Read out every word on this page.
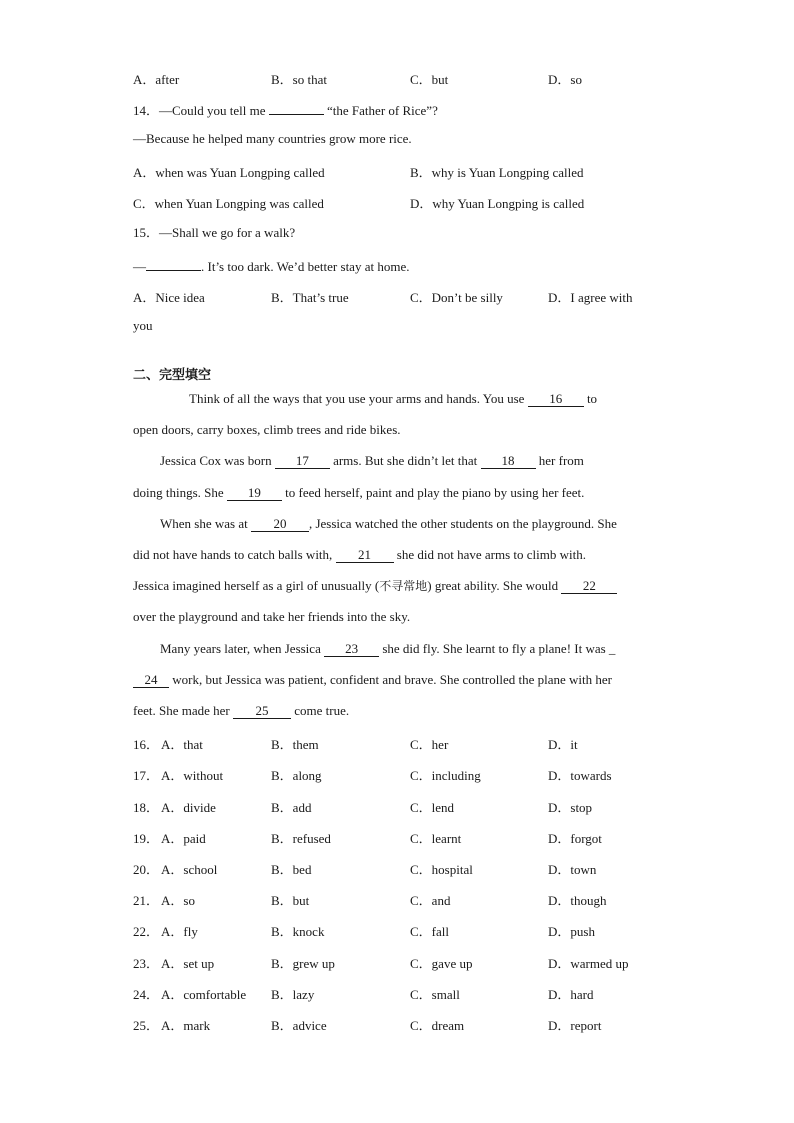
A．after	B．so that	C．but	D．so
14．—Could you tell me	“the Father of Rice”?
—Because he helped many countries grow more rice.
A．when was Yuan Longping called	B．why is Yuan Longping called
C．when Yuan Longping was called	D．why Yuan Longping is called
15．—Shall we go for a walk?
—	. It’s too dark. We’d better stay at home.
A．Nice idea	B．That’s true	C．Don’t be silly	D．I agree with
you
二、完型填空
Think of all the ways that you use your arms and hands. You use 16 to
open doors, carry boxes, climb trees and ride bikes.
Jessica Cox was born 17 arms. But she didn’t let that 18 her from
doing things. She 19 to feed herself, paint and play the piano by using her feet.
When she was at 20 , Jessica watched the other students on the playground. She
did not have hands to catch balls with, 21 she did not have arms to climb with.
Jessica imagined herself as a girl of unusually (不寻常地) great ability. She would 22
over the playground and take her friends into the sky.
Many years later, when Jessica 23 she did fly. She learnt to fly a plane! It was _
24 work, but Jessica was patient, confident and brave. She controlled the plane with her
feet. She made her 25 come true.
16． A．that	B．them	C．her	D．it
17． A．without	B．along	C．including	D．towards
18． A．divide	B．add	C．lend	D．stop
19． A．paid	B．refused	C．learnt	D．forgot
20． A．school	B．bed	C．hospital	D．town
21． A．so	B．but	C．and	D．though
22． A．fly	B．knock	C．fall	D．push
23． A．set up	B．grew up	C．gave up	D．warmed up
24． A．comfortable B．lazy	C．small	D．hard
25． A．mark	B．advice	C．dream	D．report
